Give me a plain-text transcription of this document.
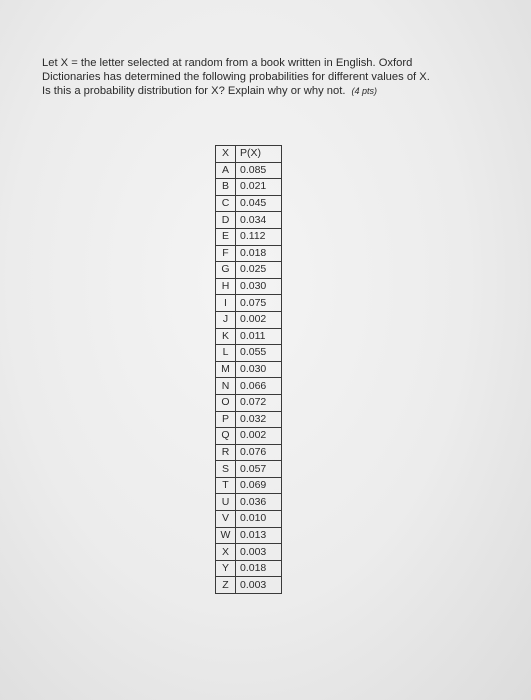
Let X = the letter selected at random from a book written in English. Oxford
Dictionaries has determined the following probabilities for different values of X.
Is this a probability distribution for X? Explain why or why not. (4 pts)
X	P(X)
A	0.085
B	0.021
C	0.045
D	0.034
E	0.112
F	0.018
G	0.025
H	0.030
I	0.075
J	0.002
K	0.011
L	0.055
M	0.030
N	0.066
O	0.072
P	0.032
Q	0.002
R	0.076
S	0.057
T	0.069
U	0.036
V	0.010
W	0.013
X	0.003
Y	0.018
Z	0.003
